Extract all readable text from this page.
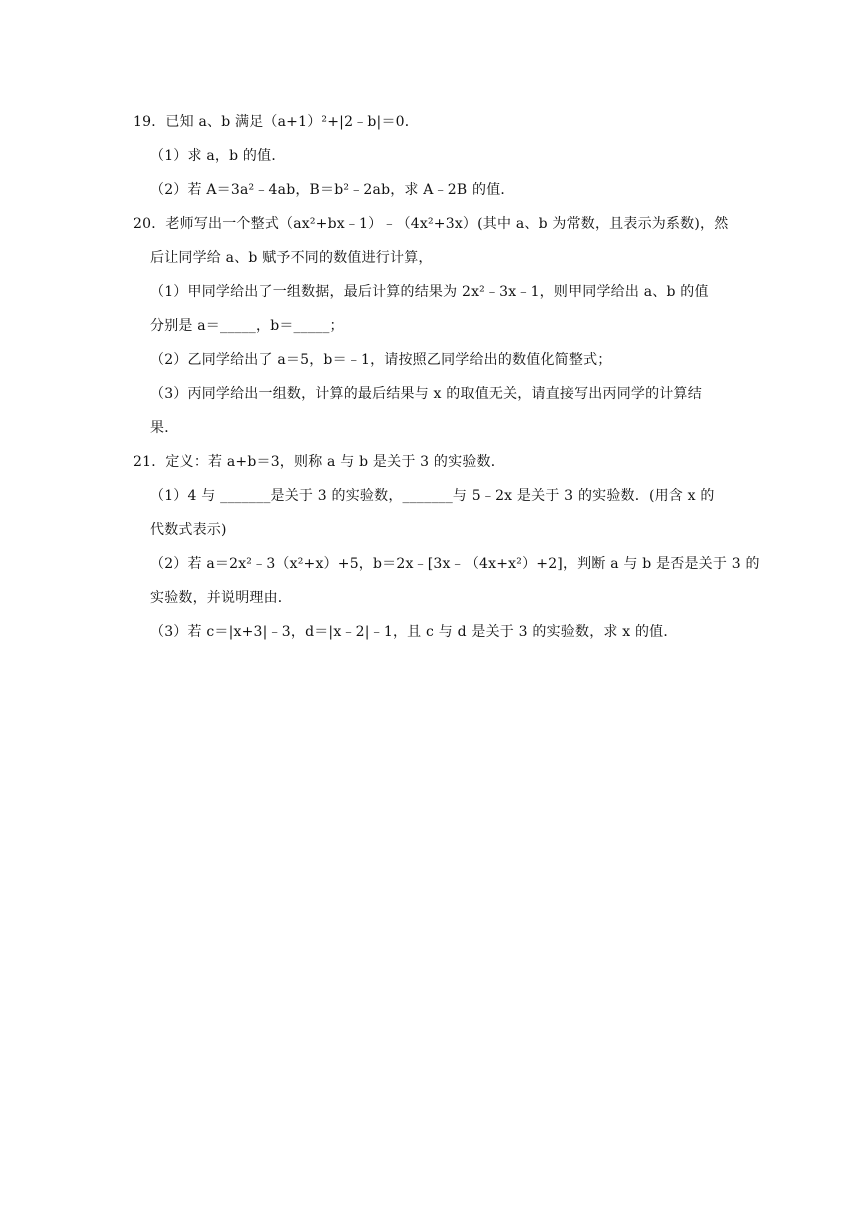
19．已知 a、b 满足（a+1）²+|2﹣b|＝0．
（1）求 a，b 的值．
（2）若 A＝3a²﹣4ab，B＝b²﹣2ab，求 A﹣2B 的值．
20．老师写出一个整式（ax²+bx﹣1）﹣（4x²+3x）(其中 a、b 为常数，且表示为系数)，然
后让同学给 a、b 赋予不同的数值进行计算，
（1）甲同学给出了一组数据，最后计算的结果为 2x²﹣3x﹣1，则甲同学给出 a、b 的值
分别是 a＝_____，b＝_____；
（2）乙同学给出了 a＝5，b＝﹣1，请按照乙同学给出的数值化简整式；
（3）丙同学给出一组数，计算的最后结果与 x 的取值无关，请直接写出丙同学的计算结
果．
21．定义：若 a+b＝3，则称 a 与 b 是关于 3 的实验数．
（1）4 与 _______是关于 3 的实验数，_______与 5﹣2x 是关于 3 的实验数．(用含 x 的
代数式表示)
（2）若 a＝2x²﹣3（x²+x）+5，b＝2x﹣[3x﹣（4x+x²）+2]，判断 a 与 b 是否是关于 3 的
实验数，并说明理由．
（3）若 c＝|x+3|﹣3，d＝|x﹣2|﹣1，且 c 与 d 是关于 3 的实验数，求 x 的值．
